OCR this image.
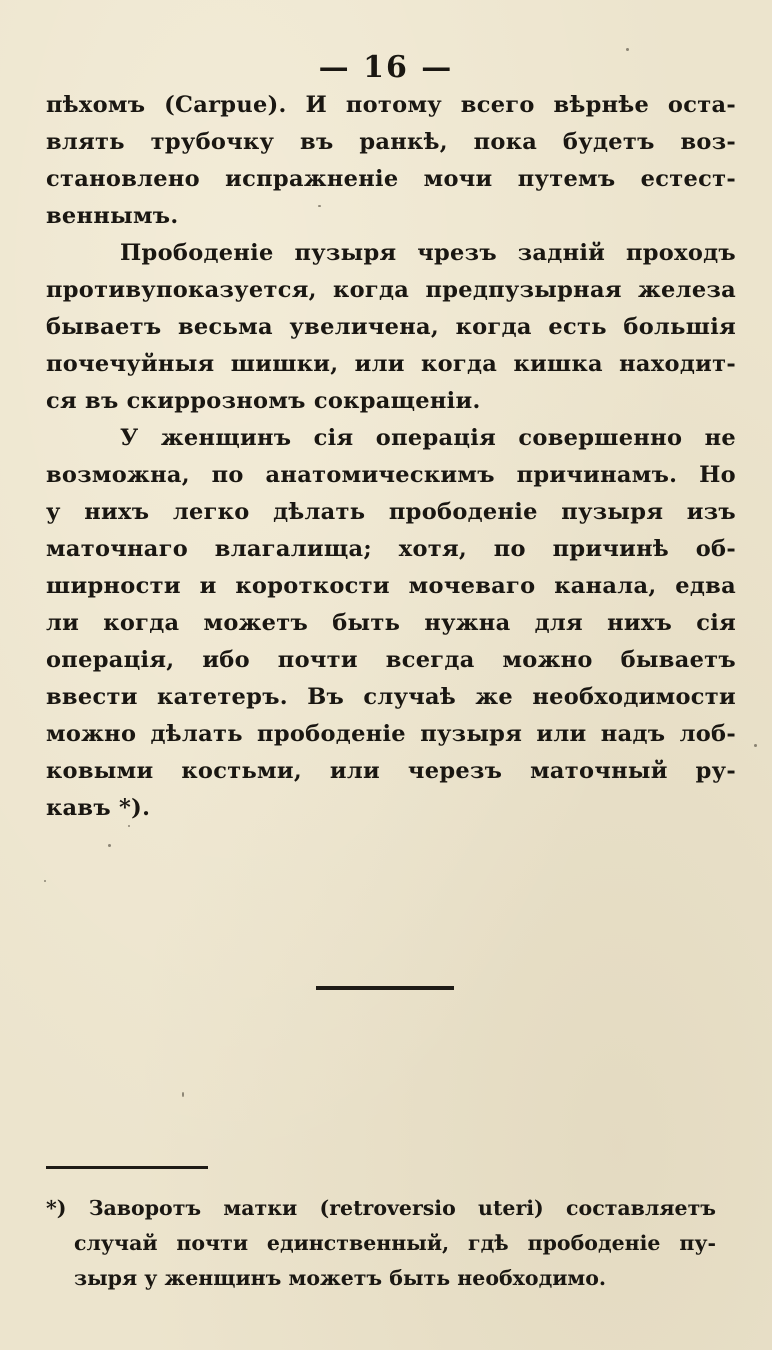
— 16 —
пѣхомъ (Carpue). И потому всего вѣрнѣе оста-
влять трубочку въ ранкѣ, пока будетъ воз-
становлено испражненіе мочи путемъ естест-
веннымъ.
Прободеніе пузыря чрезъ задній проходъ
противупоказуется, когда предпузырная железа
бываетъ весьма увеличена, когда есть большія
почечуйныя шишки, или когда кишка находит-
ся въ скиррозномъ сокращеніи.
У женщинъ сія операція совершенно не
возможна, по анатомическимъ причинамъ. Но
у нихъ легко дѣлать прободеніе пузыря изъ
маточнаго влагалища; хотя, по причинѣ об-
ширности и короткости мочеваго канала, едва
ли когда можетъ быть нужна для нихъ сія
операція, ибо почти всегда можно бываетъ
ввести катетеръ. Въ случаѣ же необходимости
можно дѣлать прободеніе пузыря или надъ лоб-
ковыми костьми, или черезъ маточный ру-
кавъ *).
*) Заворотъ матки (retroversio uteri) составляетъ
случай почти единственный, гдѣ прободеніе пу-
зыря у женщинъ можетъ быть необходимо.
